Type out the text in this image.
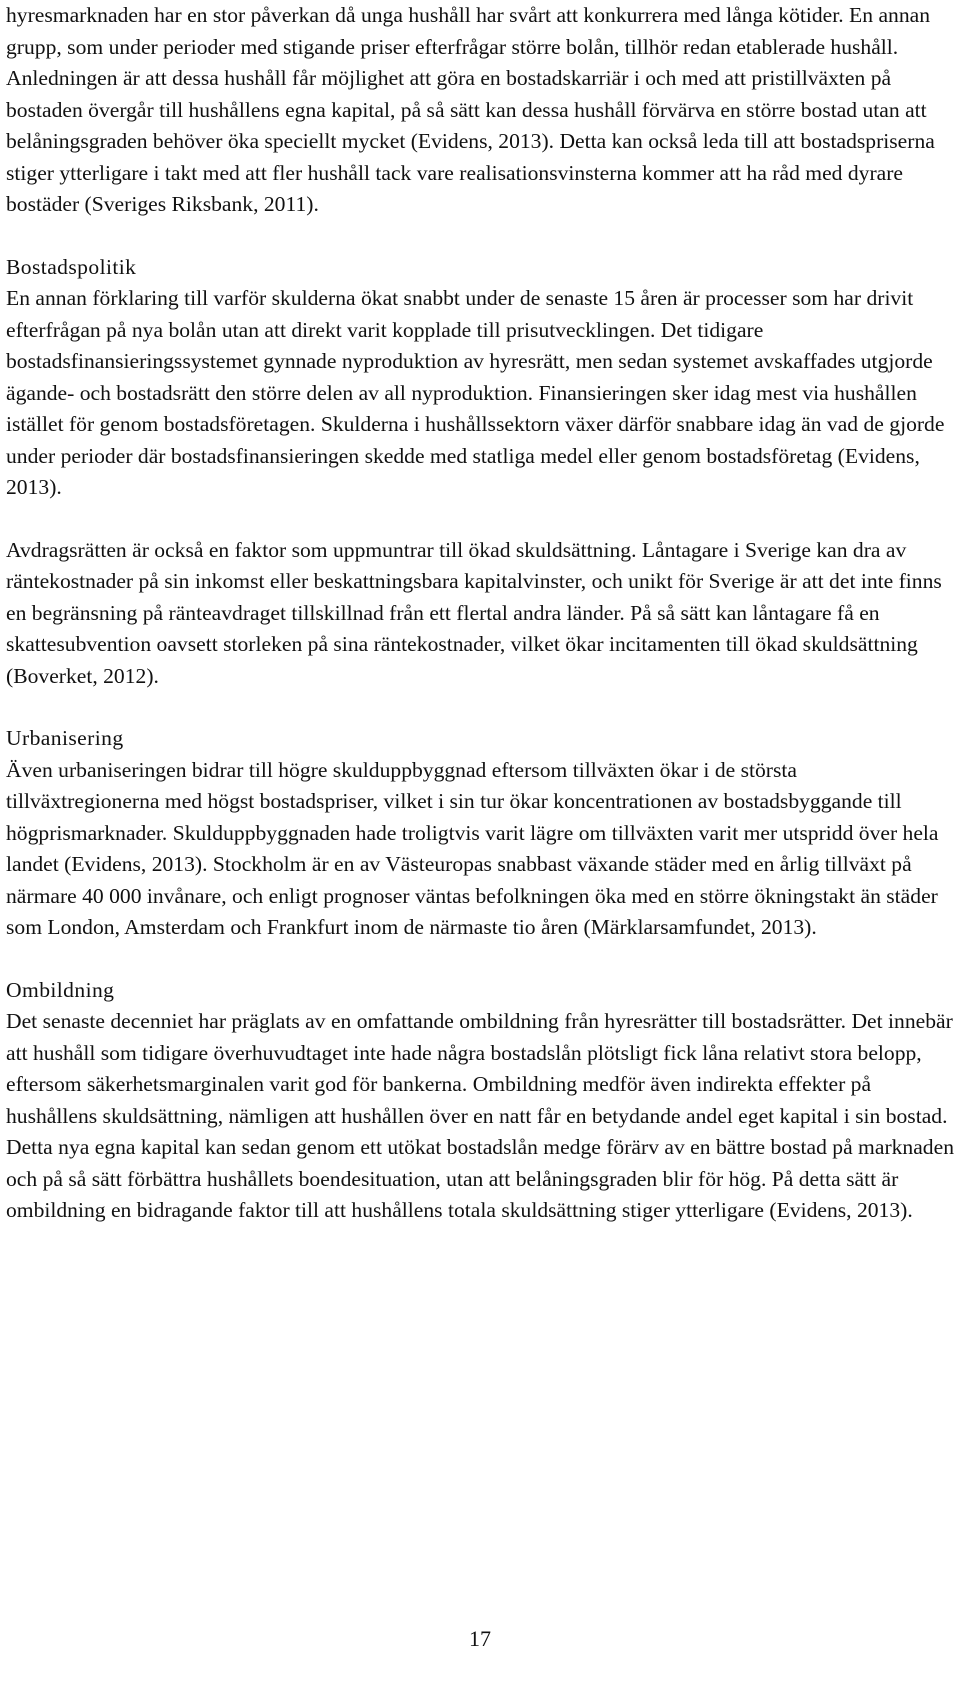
hyresmarknaden har en stor påverkan då unga hushåll har svårt att konkurrera med långa kötider. En annan grupp, som under perioder med stigande priser efterfrågar större bolån, tillhör redan etablerade hushåll. Anledningen är att dessa hushåll får möjlighet att göra en bostadskarriär i och med att pristillväxten på bostaden övergår till hushållens egna kapital, på så sätt kan dessa hushåll förvärva en större bostad utan att belåningsgraden behöver öka speciellt mycket (Evidens, 2013). Detta kan också leda till att bostadspriserna stiger ytterligare i takt med att fler hushåll tack vare realisationsvinsterna kommer att ha råd med dyrare bostäder (Sveriges Riksbank, 2011).

Bostadspolitik

En annan förklaring till varför skulderna ökat snabbt under de senaste 15 åren är processer som har drivit efterfrågan på nya bolån utan att direkt varit kopplade till prisutvecklingen. Det tidigare bostadsfinansieringssystemet gynnade nyproduktion av hyresrätt, men sedan systemet avskaffades utgjorde ägande- och bostadsrätt den större delen av all nyproduktion. Finansieringen sker idag mest via hushållen istället för genom bostadsföretagen. Skulderna i hushållssektorn växer därför snabbare idag än vad de gjorde under perioder där bostadsfinansieringen skedde med statliga medel eller genom bostadsföretag (Evidens, 2013).

Avdragsrätten är också en faktor som uppmuntrar till ökad skuldsättning. Låntagare i Sverige kan dra av räntekostnader på sin inkomst eller beskattningsbara kapitalvinster, och unikt för Sverige är att det inte finns en begränsning på ränteavdraget tillskillnad från ett flertal andra länder. På så sätt kan låntagare få en skattesubvention oavsett storleken på sina räntekostnader, vilket ökar incitamenten till ökad skuldsättning (Boverket, 2012).

Urbanisering

Även urbaniseringen bidrar till högre skulduppbyggnad eftersom tillväxten ökar i de största tillväxtregionerna med högst bostadspriser, vilket i sin tur ökar koncentrationen av bostadsbyggande till högprismarknader. Skulduppbyggnaden hade troligtvis varit lägre om tillväxten varit mer utspridd över hela landet (Evidens, 2013). Stockholm är en av Västeuropas snabbast växande städer med en årlig tillväxt på närmare 40 000 invånare, och enligt prognoser väntas befolkningen öka med en större ökningstakt än städer som London, Amsterdam och Frankfurt inom de närmaste tio åren (Märklarsamfundet, 2013).

Ombildning

Det senaste decenniet har präglats av en omfattande ombildning från hyresrätter till bostadsrätter. Det innebär att hushåll som tidigare överhuvudtaget inte hade några bostadslån plötsligt fick låna relativt stora belopp, eftersom säkerhetsmarginalen varit god för bankerna. Ombildning medför även indirekta effekter på hushållens skuldsättning, nämligen att hushållen över en natt får en betydande andel eget kapital i sin bostad. Detta nya egna kapital kan sedan genom ett utökat bostadslån medge förärv av en bättre bostad på marknaden och på så sätt förbättra hushållets boendesituation, utan att belåningsgraden blir för hög. På detta sätt är ombildning en bidragande faktor till att hushållens totala skuldsättning stiger ytterligare (Evidens, 2013).

17
